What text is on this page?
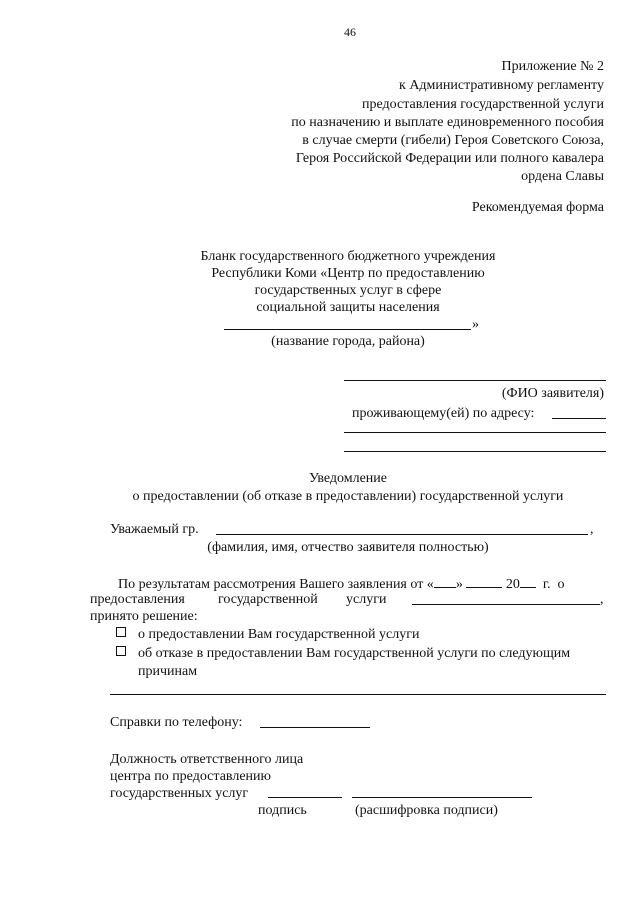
46
Приложение № 2
к Административному регламенту
предоставления государственной услуги
по назначению и выплате единовременного пособия
в случае смерти (гибели) Героя Советского Союза,
Героя Российской Федерации или полного кавалера
ордена Славы
Рекомендуемая форма
Бланк государственного бюджетного учреждения
Республики Коми «Центр по предоставлению
государственных услуг в сфере
социальной защиты населения
»
(название города, района)
(ФИО заявителя)
проживающему(ей) по адресу:
Уведомление
о предоставлении (об отказе в предоставлении) государственной услуги
Уважаемый гр.	,
(фамилия, имя, отчество заявителя полностью)
По результатам рассмотрения Вашего заявления от « »	20 г. о
предоставления государственной услуги	,
принято решение:
о предоставлении Вам государственной услуги
об отказе в предоставлении Вам государственной услуги по следующим
причинам
Справки по телефону:
Должность ответственного лица
центра по предоставлению
государственных услуг
подпись	(расшифровка подписи)
